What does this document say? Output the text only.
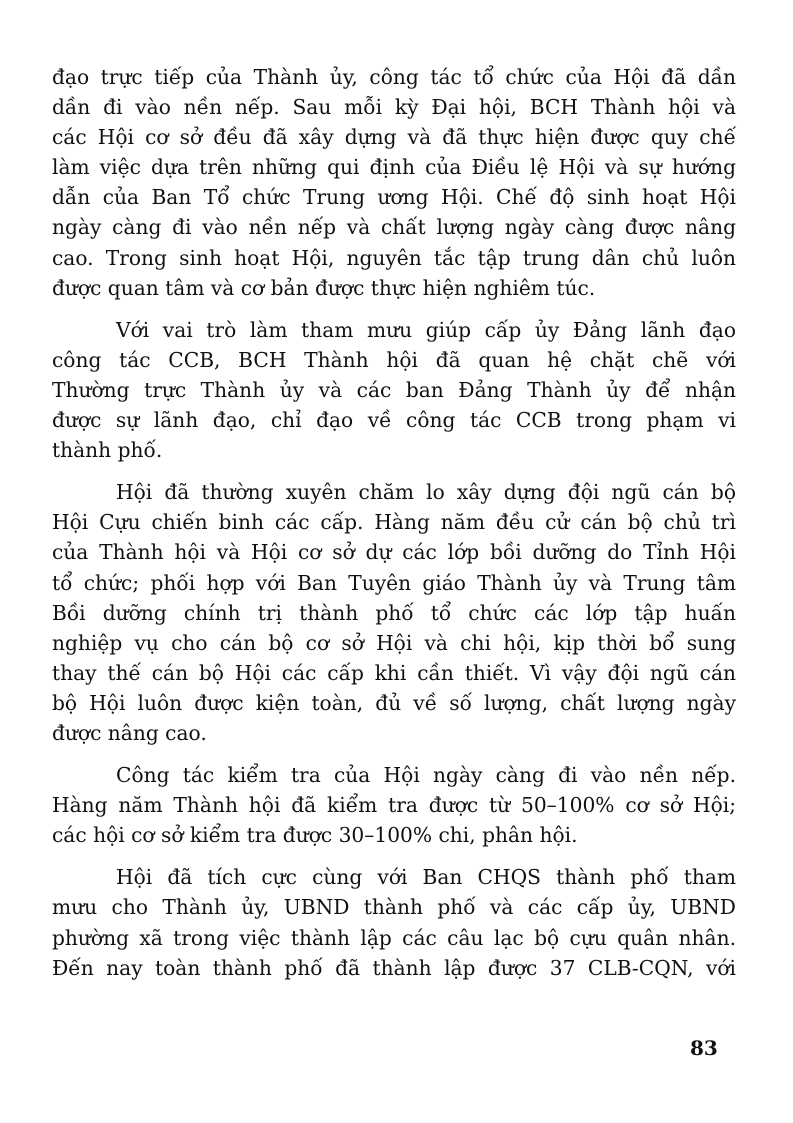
đạo trực tiếp của Thành ủy, công tác tổ chức của Hội đã dần
dần đi vào nền nếp. Sau mỗi kỳ Đại hội, BCH Thành hội và
các Hội cơ sở đều đã xây dựng và đã thực hiện được quy chế
làm việc dựa trên những qui định của Điều lệ Hội và sự hướng
dẫn của Ban Tổ chức Trung ương Hội. Chế độ sinh hoạt Hội
ngày càng đi vào nền nếp và chất lượng ngày càng được nâng
cao. Trong sinh hoạt Hội, nguyên tắc tập trung dân chủ luôn
được quan tâm và cơ bản được thực hiện nghiêm túc.
Với vai trò làm tham mưu giúp cấp ủy Đảng lãnh đạo
công tác CCB, BCH Thành hội đã quan hệ chặt chẽ với
Thường trực Thành ủy và các ban Đảng Thành ủy để nhận
được sự lãnh đạo, chỉ đạo về công tác CCB trong phạm vi
thành phố.
Hội đã thường xuyên chăm lo xây dựng đội ngũ cán bộ
Hội Cựu chiến binh các cấp. Hàng năm đều cử cán bộ chủ trì
của Thành hội và Hội cơ sở dự các lớp bồi dưỡng do Tỉnh Hội
tổ chức; phối hợp với Ban Tuyên giáo Thành ủy và Trung tâm
Bồi dưỡng chính trị thành phố tổ chức các lớp tập huấn
nghiệp vụ cho cán bộ cơ sở Hội và chi hội, kịp thời bổ sung
thay thế cán bộ Hội các cấp khi cần thiết. Vì vậy đội ngũ cán
bộ Hội luôn được kiện toàn, đủ về số lượng, chất lượng ngày
được nâng cao.
Công tác kiểm tra của Hội ngày càng đi vào nền nếp.
Hàng năm Thành hội đã kiểm tra được từ 50–100% cơ sở Hội;
các hội cơ sở kiểm tra được 30–100% chi, phân hội.
Hội đã tích cực cùng với Ban CHQS thành phố tham
mưu cho Thành ủy, UBND thành phố và các cấp ủy, UBND
phường xã trong việc thành lập các câu lạc bộ cựu quân nhân.
Đến nay toàn thành phố đã thành lập được 37 CLB-CQN, với
83
